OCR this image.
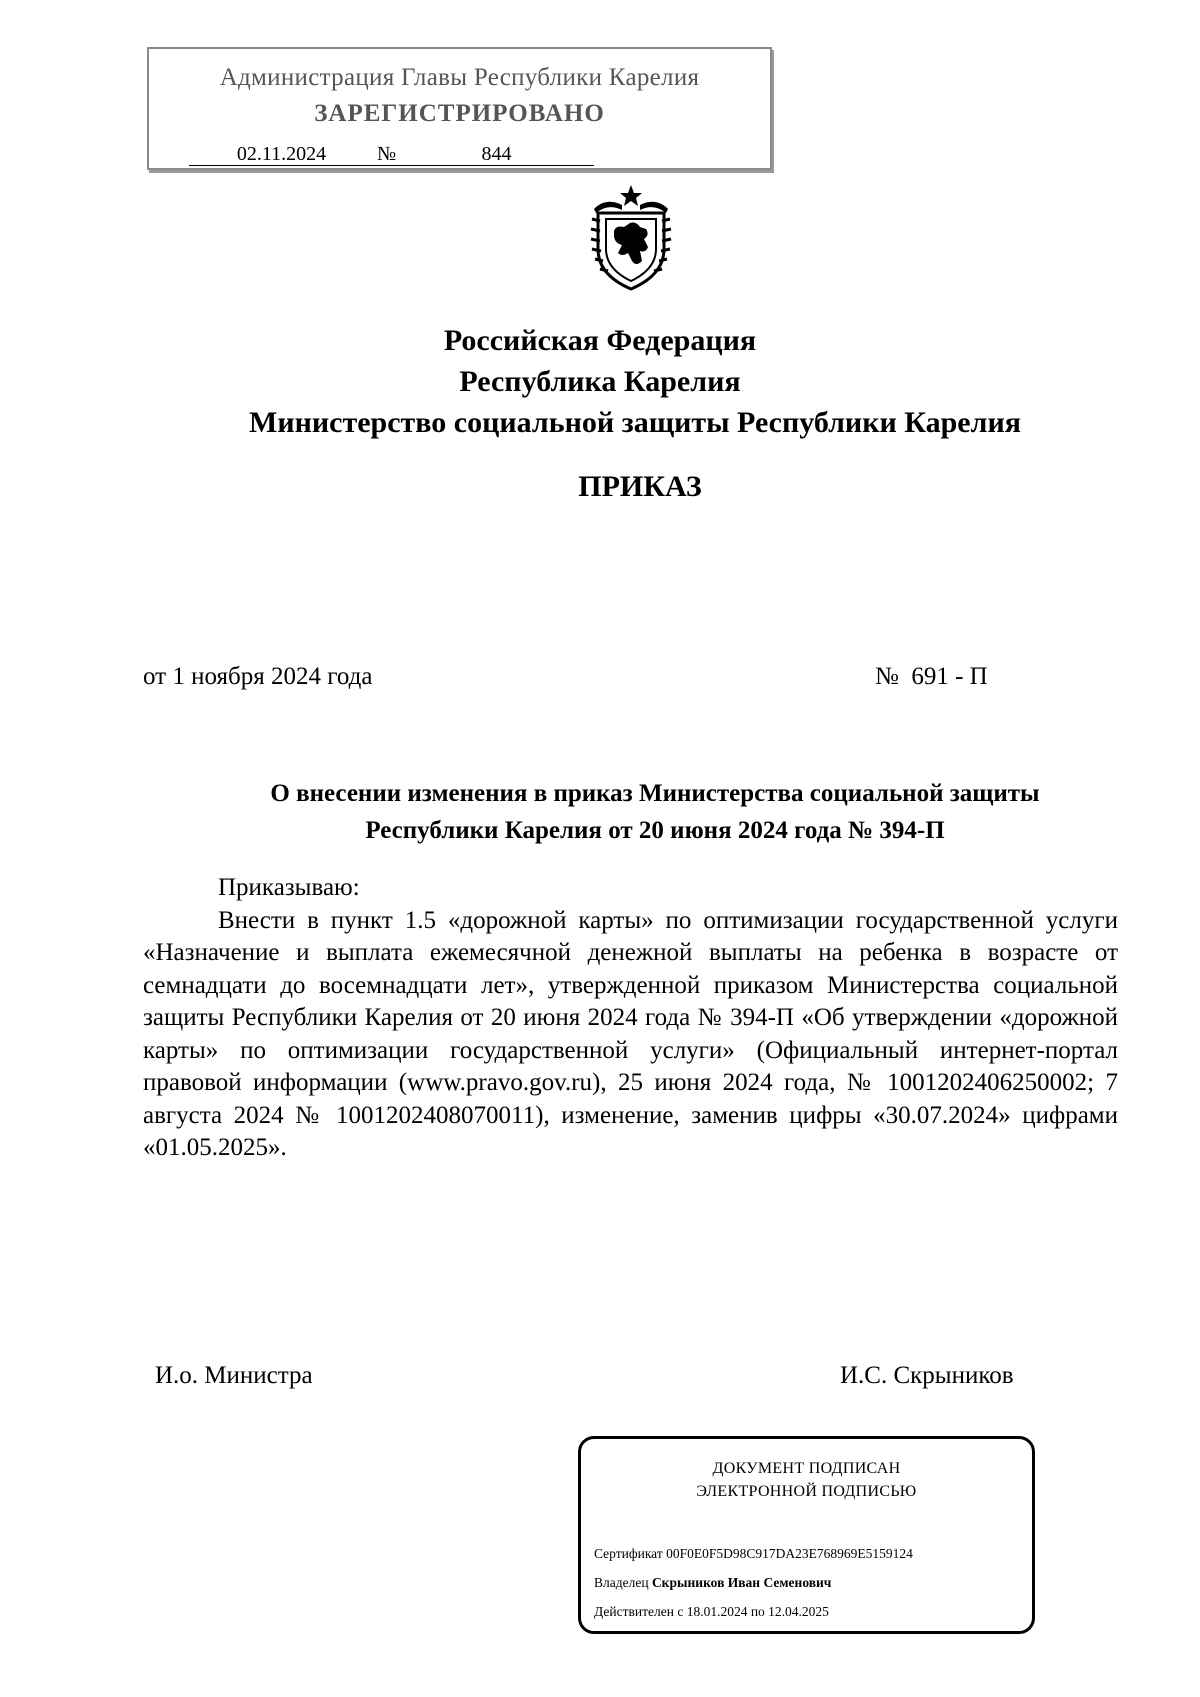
Администрация Главы Республики Карелия
ЗАРЕГИСТРИРОВАНО
02.11.2024	№	844
Российская Федерация
Республика Карелия
Министерство социальной защиты Республики Карелия
ПРИКАЗ
от 1 ноября 2024 года	№  691 - П
О внесении изменения в приказ Министерства социальной защиты
Республики Карелия от 20 июня 2024 года № 394-П
Приказываю:

Внести в пункт 1.5 «дорожной карты» по оптимизации государственной услуги «Назначение и выплата ежемесячной денежной выплаты на ребенка в возрасте от семнадцати до восемнадцати лет», утвержденной приказом Министерства социальной защиты Республики Карелия от 20 июня 2024 года № 394-П «Об утверждении «дорожной карты» по оптимизации государственной услуги» (Официальный интернет-портал правовой информации (www.pravo.gov.ru), 25 июня 2024 года, № 1001202406250002; 7 августа 2024 № 1001202408070011), изменение, заменив цифры «30.07.2024» цифрами «01.05.2025».

И.о. Министра	И.С. Скрыников
ДОКУМЕНТ ПОДПИСАН
ЭЛЕКТРОННОЙ ПОДПИСЬЮ
Сертификат 00F0E0F5D98C917DA23E768969E5159124
Владелец Скрыников Иван Семенович
Действителен с 18.01.2024 по 12.04.2025
